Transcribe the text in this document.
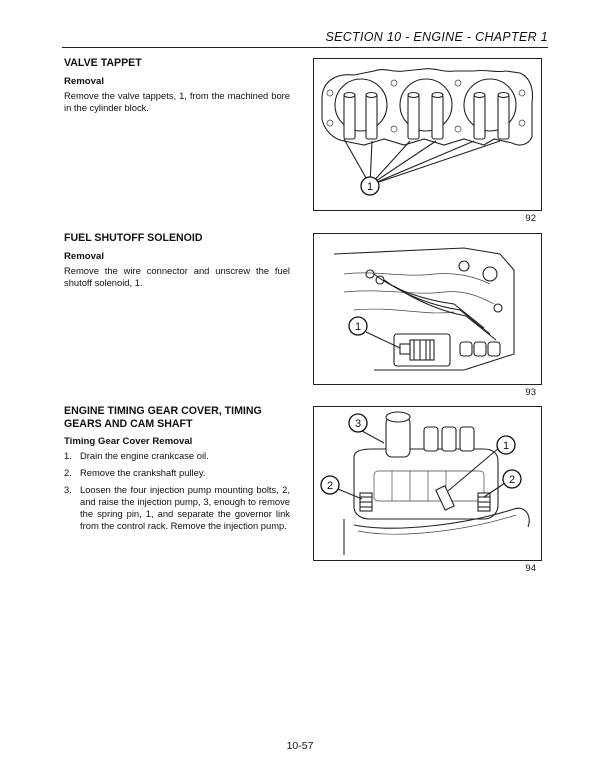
SECTION 10 - ENGINE - CHAPTER 1
VALVE TAPPET
Removal

Remove the valve tappets, 1, from the machined bore in the cylinder block.

1
92
FUEL SHUTOFF SOLENOID
Removal

Remove the wire connector and unscrew the fuel shutoff solenoid, 1.

1
93
ENGINE TIMING GEAR COVER, TIMING GEARS AND CAM SHAFT
Timing Gear Cover Removal
1. Drain the engine crankcase oil.
2. Remove the crankshaft pulley.
3. Loosen the four injection pump mounting bolts, 2, and raise the injection pump, 3, enough to remove the spring pin, 1, and separate the governor link from the control rack. Remove the injection pump.
3
1
2	2
94
10-57
